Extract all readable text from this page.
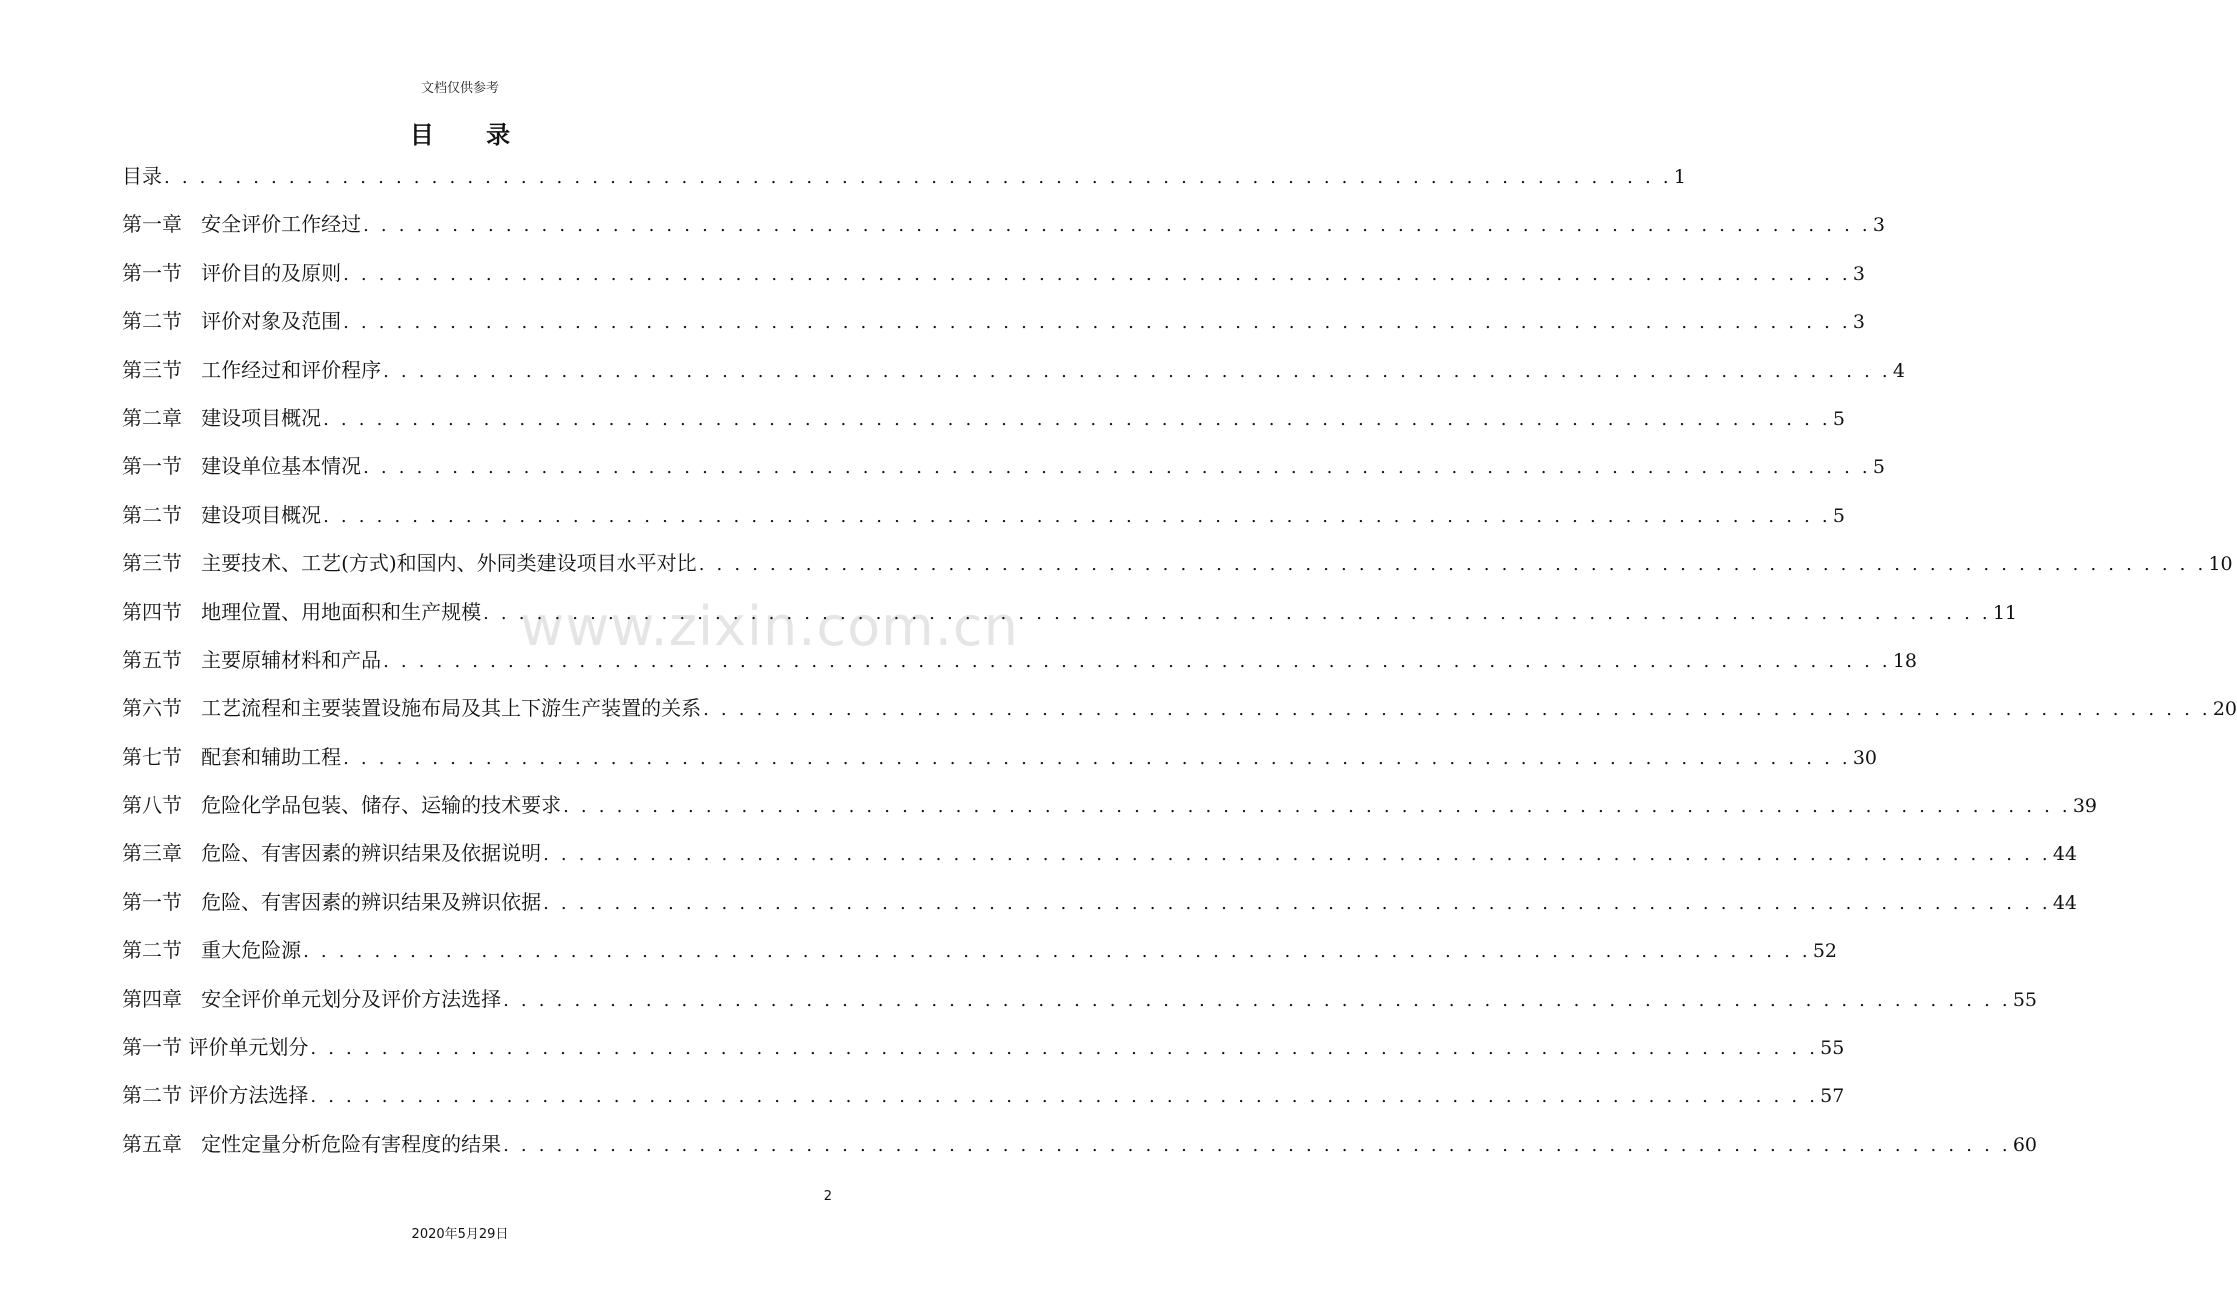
文档仅供参考
目 录
www.zixin.com.cn
目录 . . .	1
第一章   安全评价工作经过 . . .	3
第一节   评价目的及原则 . . .	3
第二节   评价对象及范围 . . .	3
第三节   工作经过和评价程序 . . .	4
第二章   建设项目概况 . . .	5
第一节   建设单位基本情况 . . .	5
第二节   建设项目概况 . . .	5
第三节   主要技术、工艺(方式)和国内、外同类建设项目水平对比 . . .	10
第四节   地理位置、用地面积和生产规模 . . .	11
第五节   主要原辅材料和产品 . . .	18
第六节   工艺流程和主要装置设施布局及其上下游生产装置的关系 . . .	20
第七节   配套和辅助工程 . . .	30
第八节   危险化学品包装、储存、运输的技术要求 . . .	39
第三章   危险、有害因素的辨识结果及依据说明 . . .	44
第一节   危险、有害因素的辨识结果及辨识依据 . . .	44
第二节   重大危险源 . . .	52
第四章   安全评价单元划分及评价方法选择 . . .	55
第一节 评价单元划分 . . .	55
第二节 评价方法选择 . . .	57
第五章   定性定量分析危险有害程度的结果 . . .	60
2
2020年5月29日
